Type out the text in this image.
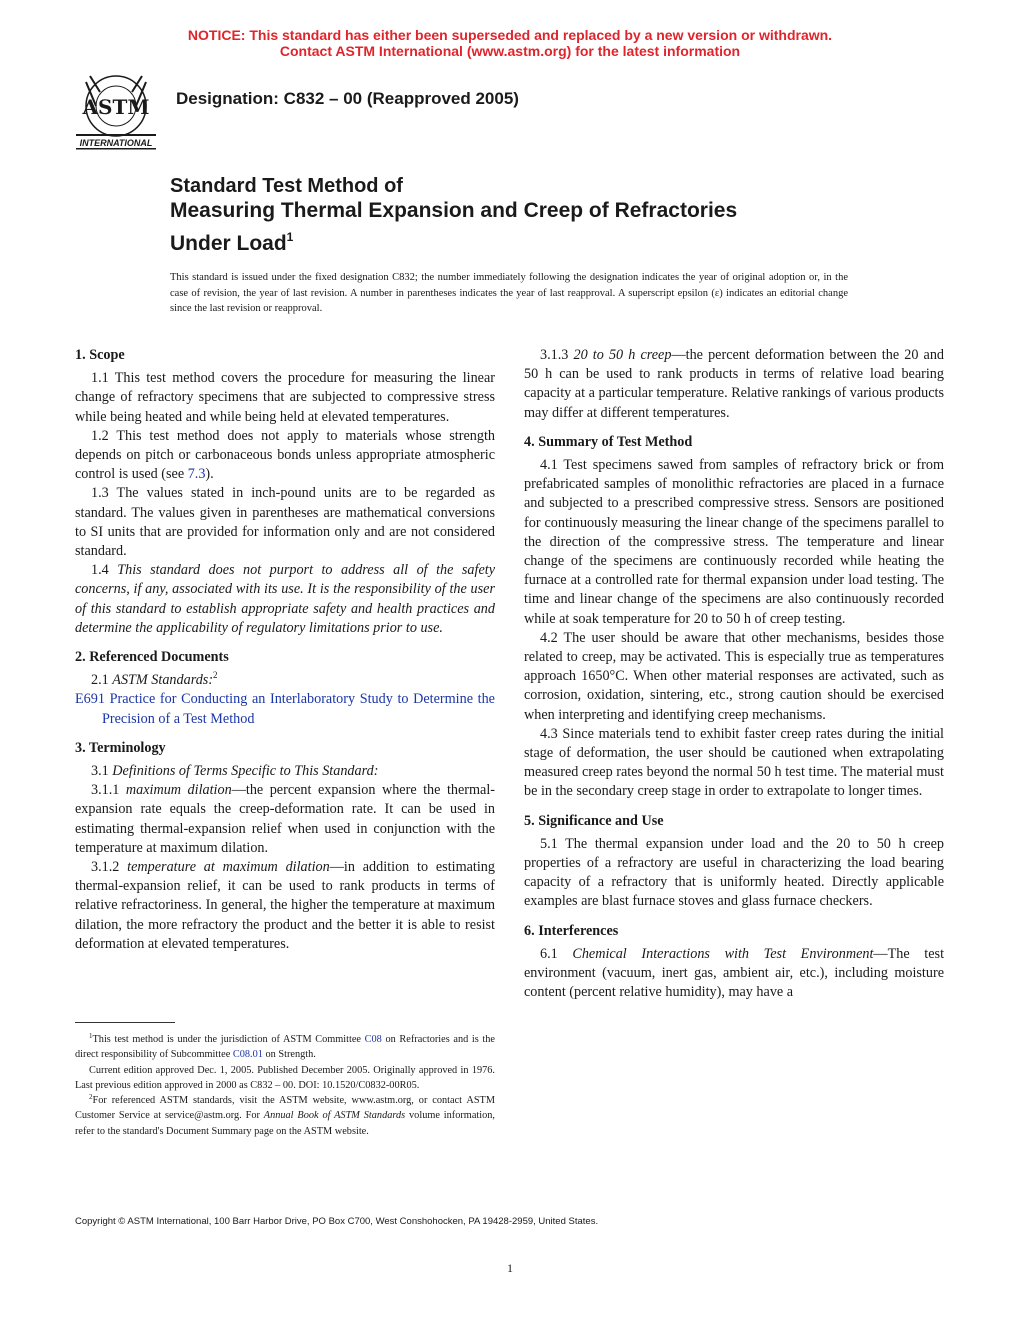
NOTICE: This standard has either been superseded and replaced by a new version or withdrawn.
Contact ASTM International (www.astm.org) for the latest information
ASTM
INTERNATIONAL
Designation: C832 – 00 (Reapproved 2005)
Standard Test Method of
Measuring Thermal Expansion and Creep of Refractories
Under Load$^1$
This standard is issued under the fixed designation C832; the number immediately following the designation indicates the year of original adoption or, in the case of revision, the year of last revision. A number in parentheses indicates the year of last reapproval. A superscript epsilon (ε) indicates an editorial change since the last revision or reapproval.
1. Scope

1.1 This test method covers the procedure for measuring the linear change of refractory specimens that are subjected to compressive stress while being heated and while being held at elevated temperatures.

1.2 This test method does not apply to materials whose strength depends on pitch or carbonaceous bonds unless appropriate atmospheric control is used (see 7.3).

1.3 The values stated in inch-pound units are to be regarded as standard. The values given in parentheses are mathematical conversions to SI units that are provided for information only and are not considered standard.

1.4 This standard does not purport to address all of the safety concerns, if any, associated with its use. It is the responsibility of the user of this standard to establish appropriate safety and health practices and determine the applicability of regulatory limitations prior to use.

2. Referenced Documents

2.1 ASTM Standards:$^2$

E691 Practice for Conducting an Interlaboratory Study to Determine the Precision of a Test Method

3. Terminology

3.1 Definitions of Terms Specific to This Standard:

3.1.1 maximum dilation—the percent expansion where the thermal-expansion rate equals the creep-deformation rate. It can be used in estimating thermal-expansion relief when used in conjunction with the temperature at maximum dilation.

3.1.2 temperature at maximum dilation—in addition to estimating thermal-expansion relief, it can be used to rank products in terms of relative refractoriness. In general, the higher the temperature at maximum dilation, the more refractory the product and the better it is able to resist deformation at elevated temperatures.

3.1.3 20 to 50 h creep—the percent deformation between the 20 and 50 h can be used to rank products in terms of relative load bearing capacity at a particular temperature. Relative rankings of various products may differ at different temperatures.

4. Summary of Test Method

4.1 Test specimens sawed from samples of refractory brick or from prefabricated samples of monolithic refractories are placed in a furnace and subjected to a prescribed compressive stress. Sensors are positioned for continuously measuring the linear change of the specimens parallel to the direction of the compressive stress. The temperature and linear change of the specimens are continuously recorded while heating the furnace at a controlled rate for thermal expansion under load testing. The time and linear change of the specimens are also continuously recorded while at soak temperature for 20 to 50 h of creep testing.

4.2 The user should be aware that other mechanisms, besides those related to creep, may be activated. This is especially true as temperatures approach 1650°C. When other material responses are activated, such as corrosion, oxidation, sintering, etc., strong caution should be exercised when interpreting and identifying creep mechanisms.

4.3 Since materials tend to exhibit faster creep rates during the initial stage of deformation, the user should be cautioned when extrapolating measured creep rates beyond the normal 50 h test time. The material must be in the secondary creep stage in order to extrapolate to longer times.

5. Significance and Use

5.1 The thermal expansion under load and the 20 to 50 h creep properties of a refractory are useful in characterizing the load bearing capacity of a refractory that is uniformly heated. Directly applicable examples are blast furnace stoves and glass furnace checkers.

6. Interferences

6.1 Chemical Interactions with Test Environment—The test environment (vacuum, inert gas, ambient air, etc.), including moisture content (percent relative humidity), may have a

$^1$This test method is under the jurisdiction of ASTM Committee C08 on Refractories and is the direct responsibility of Subcommittee C08.01 on Strength.

Current edition approved Dec. 1, 2005. Published December 2005. Originally approved in 1976. Last previous edition approved in 2000 as C832 – 00. DOI: 10.1520/C0832-00R05.

$^2$For referenced ASTM standards, visit the ASTM website, www.astm.org, or contact ASTM Customer Service at service@astm.org. For Annual Book of ASTM Standards volume information, refer to the standard's Document Summary page on the ASTM website.

Copyright © ASTM International, 100 Barr Harbor Drive, PO Box C700, West Conshohocken, PA 19428-2959, United States.
1
